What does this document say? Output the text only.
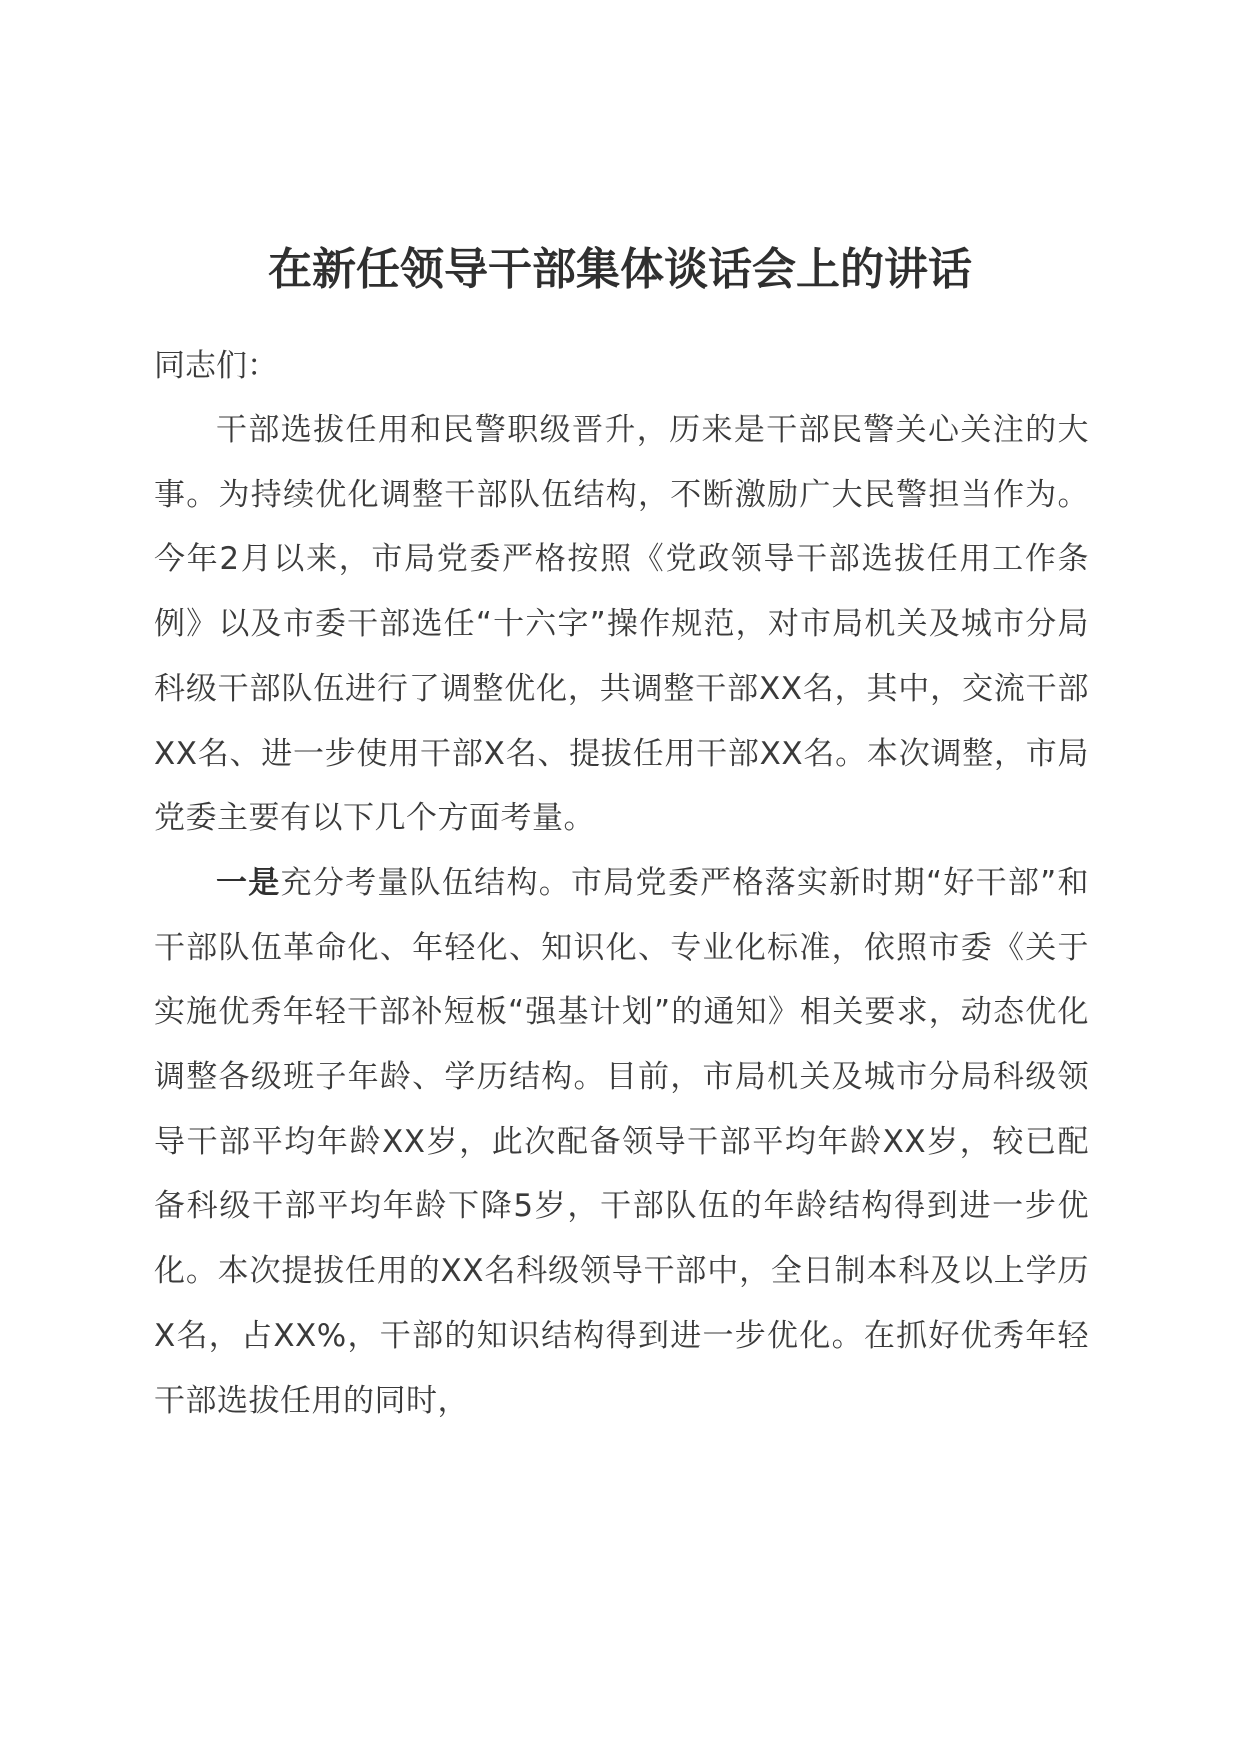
在新任领导干部集体谈话会上的讲话

同志们：

干部选拔任用和民警职级晋升，历来是干部民警关心关注的大事。为持续优化调整干部队伍结构，不断激励广大民警担当作为。今年2月以来，市局党委严格按照《党政领导干部选拔任用工作条例》以及市委干部选任“十六字”操作规范，对市局机关及城市分局科级干部队伍进行了调整优化，共调整干部XX名，其中，交流干部XX名、进一步使用干部X名、提拔任用干部XX名。本次调整，市局党委主要有以下几个方面考量。

一是充分考量队伍结构。市局党委严格落实新时期“好干部”和干部队伍革命化、年轻化、知识化、专业化标准，依照市委《关于实施优秀年轻干部补短板“强基计划”的通知》相关要求，动态优化调整各级班子年龄、学历结构。目前，市局机关及城市分局科级领导干部平均年龄XX岁，此次配备领导干部平均年龄XX岁，较已配备科级干部平均年龄下降5岁，干部队伍的年龄结构得到进一步优化。本次提拔任用的XX名科级领导干部中，全日制本科及以上学历X名，占XX%，干部的知识结构得到进一步优化。在抓好优秀年轻干部选拔任用的同时，
